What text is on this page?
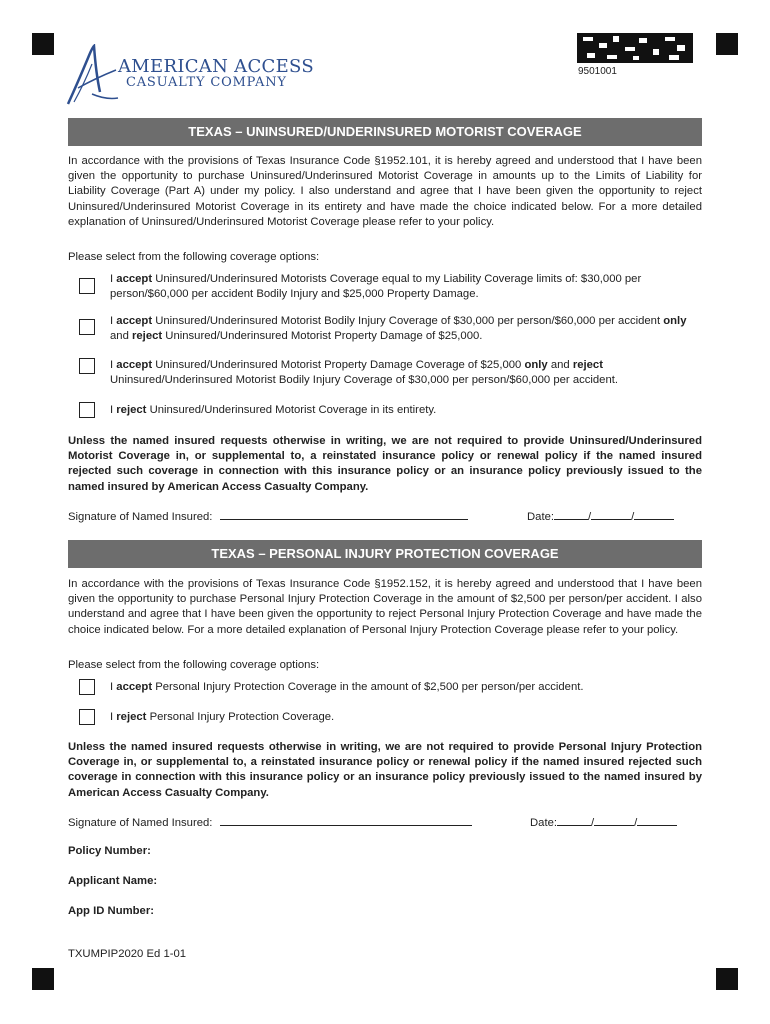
AMERICAN ACCESS
CASUALTY COMPANY
9501001
TEXAS – UNINSURED/UNDERINSURED MOTORIST COVERAGE
In accordance with the provisions of Texas Insurance Code §1952.101, it is hereby agreed and understood that I have been given the opportunity to purchase Uninsured/Underinsured Motorist Coverage in amounts up to the Limits of Liability for Liability Coverage (Part A) under my policy. I also understand and agree that I have been given the opportunity to reject Uninsured/Underinsured Motorist Coverage in its entirety and have made the choice indicated below. For a more detailed explanation of Uninsured/Underinsured Motorist Coverage please refer to your policy.
Please select from the following coverage options:
I accept Uninsured/Underinsured Motorists Coverage equal to my Liability Coverage limits of: $30,000 per person/$60,000 per accident Bodily Injury and $25,000 Property Damage.
I accept Uninsured/Underinsured Motorist Bodily Injury Coverage of $30,000 per person/$60,000 per accident only and reject Uninsured/Underinsured Motorist Property Damage of $25,000.
I accept Uninsured/Underinsured Motorist Property Damage Coverage of $25,000 only and reject Uninsured/Underinsured Motorist Bodily Injury Coverage of $30,000 per person/$60,000 per accident.
I reject Uninsured/Underinsured Motorist Coverage in its entirety.
Unless the named insured requests otherwise in writing, we are not required to provide Uninsured/Underinsured Motorist Coverage in, or supplemental to, a reinstated insurance policy or renewal policy if the named insured rejected such coverage in connection with this insurance policy or an insurance policy previously issued to the named insured by American Access Casualty Company.
Signature of Named Insured:	Date:	/	/
TEXAS – PERSONAL INJURY PROTECTION COVERAGE
In accordance with the provisions of Texas Insurance Code §1952.152, it is hereby agreed and understood that I have been given the opportunity to purchase Personal Injury Protection Coverage in the amount of $2,500 per person/per accident. I also understand and agree that I have been given the opportunity to reject Personal Injury Protection Coverage and have made the choice indicated below. For a more detailed explanation of Personal Injury Protection Coverage please refer to your policy.
Please select from the following coverage options:
I accept Personal Injury Protection Coverage in the amount of $2,500 per person/per accident.
I reject Personal Injury Protection Coverage.
Unless the named insured requests otherwise in writing, we are not required to provide Personal Injury Protection Coverage in, or supplemental to, a reinstated insurance policy or renewal policy if the named insured rejected such coverage in connection with this insurance policy or an insurance policy previously issued to the named insured by American Access Casualty Company.
Signature of Named Insured:	Date:	/	/
Policy Number:
Applicant Name:
App ID Number:
TXUMPIP2020 Ed 1-01
